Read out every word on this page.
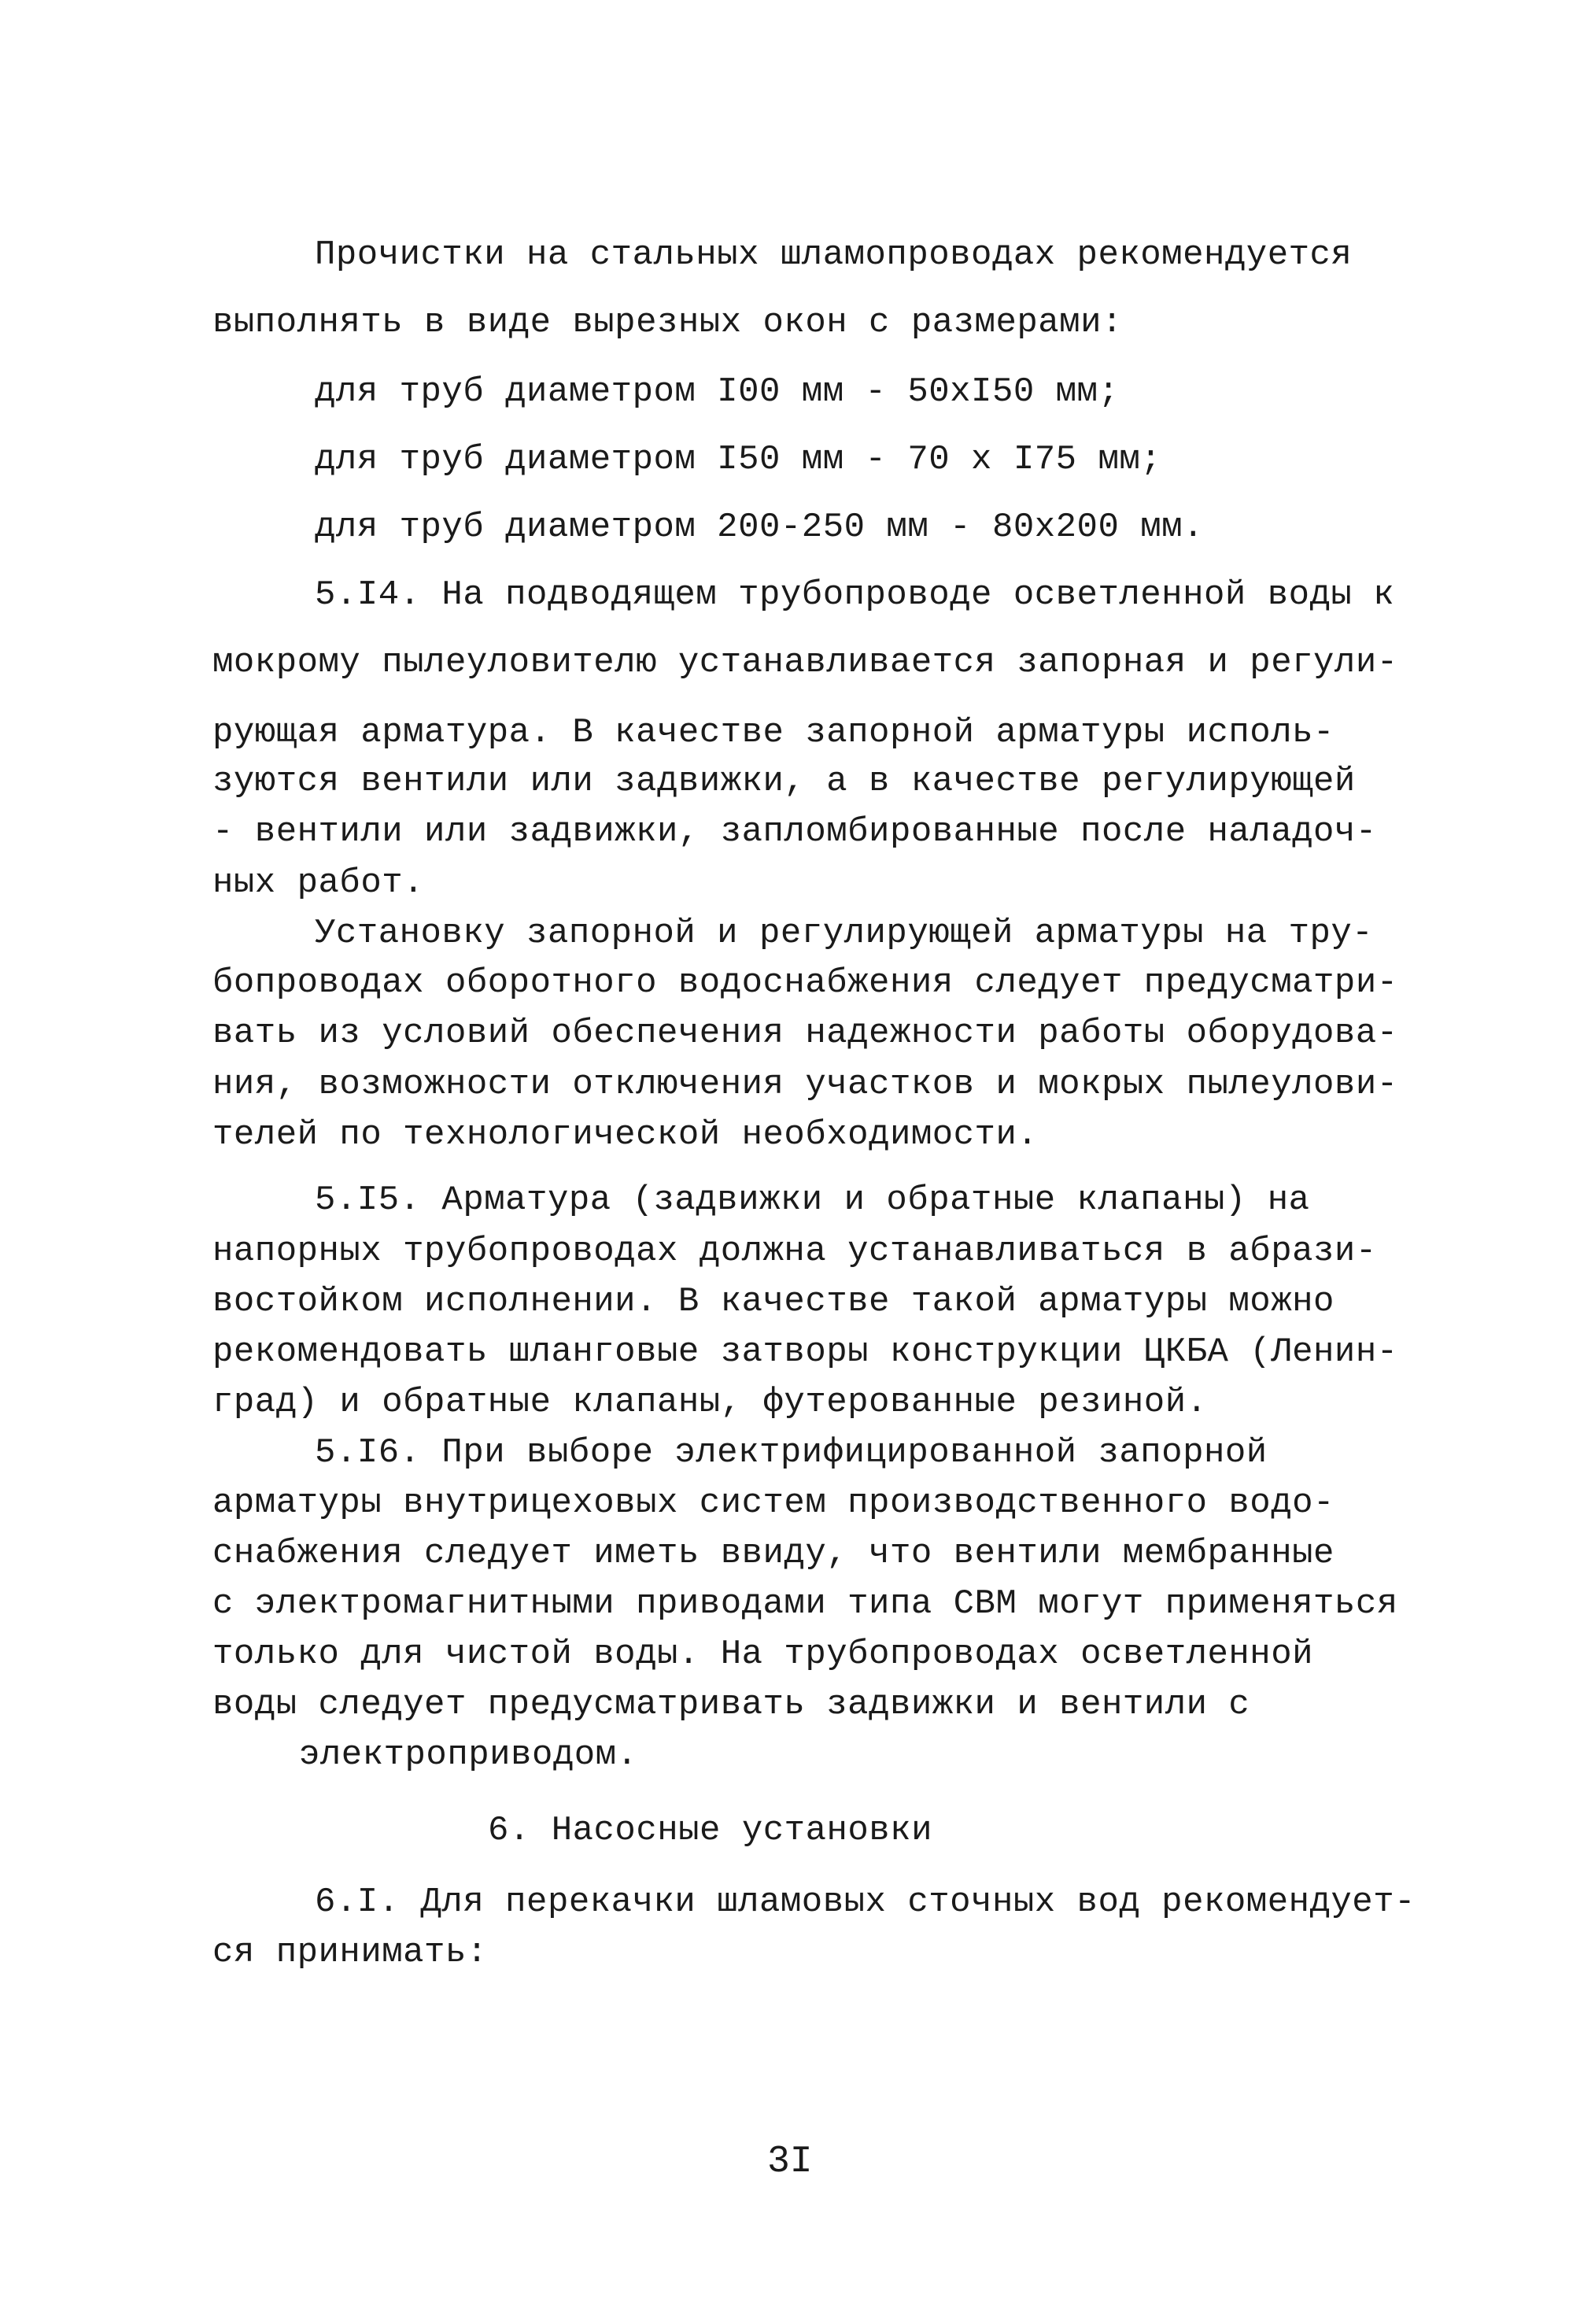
Прочистки на стальных шламопроводах рекомендуется
выполнять в виде вырезных окон с размерами:
для труб диаметром I00 мм - 50xI50 мм;
для труб диаметром I50 мм - 70 x I75 мм;
для труб диаметром 200-250 мм - 80x200 мм.
5.I4. На подводящем трубопроводе осветленной воды к
мокрому пылеуловителю устанавливается запорная и регули-
рующая арматура. В качестве запорной арматуры исполь-
зуются вентили или задвижки, а в качестве регулирующей
- вентили или задвижки, запломбированные после наладоч-
ных работ.
Установку запорной и регулирующей арматуры на тру-
бопроводах оборотного водоснабжения следует предусматри-
вать из условий обеспечения надежности работы оборудова-
ния, возможности отключения участков и мокрых пылеулови-
телей по технологической необходимости.
5.I5. Арматура (задвижки и обратные клапаны) на
напорных трубопроводах должна устанавливаться в абрази-
востойком исполнении. В качестве такой арматуры можно
рекомендовать шланговые затворы конструкции ЦКБА (Ленин-
град) и обратные клапаны, футерованные резиной.
5.I6. При выборе электрифицированной запорной
арматуры внутрицеховых систем производственного водо-
снабжения следует иметь ввиду, что вентили мембранные
с электромагнитными приводами типа СВМ могут применяться
только для чистой воды. На трубопроводах осветленной
воды следует предусматривать задвижки и вентили с
электроприводом.
6. Насосные установки
6.I. Для перекачки шламовых сточных вод рекомендует-
ся принимать:
3I
